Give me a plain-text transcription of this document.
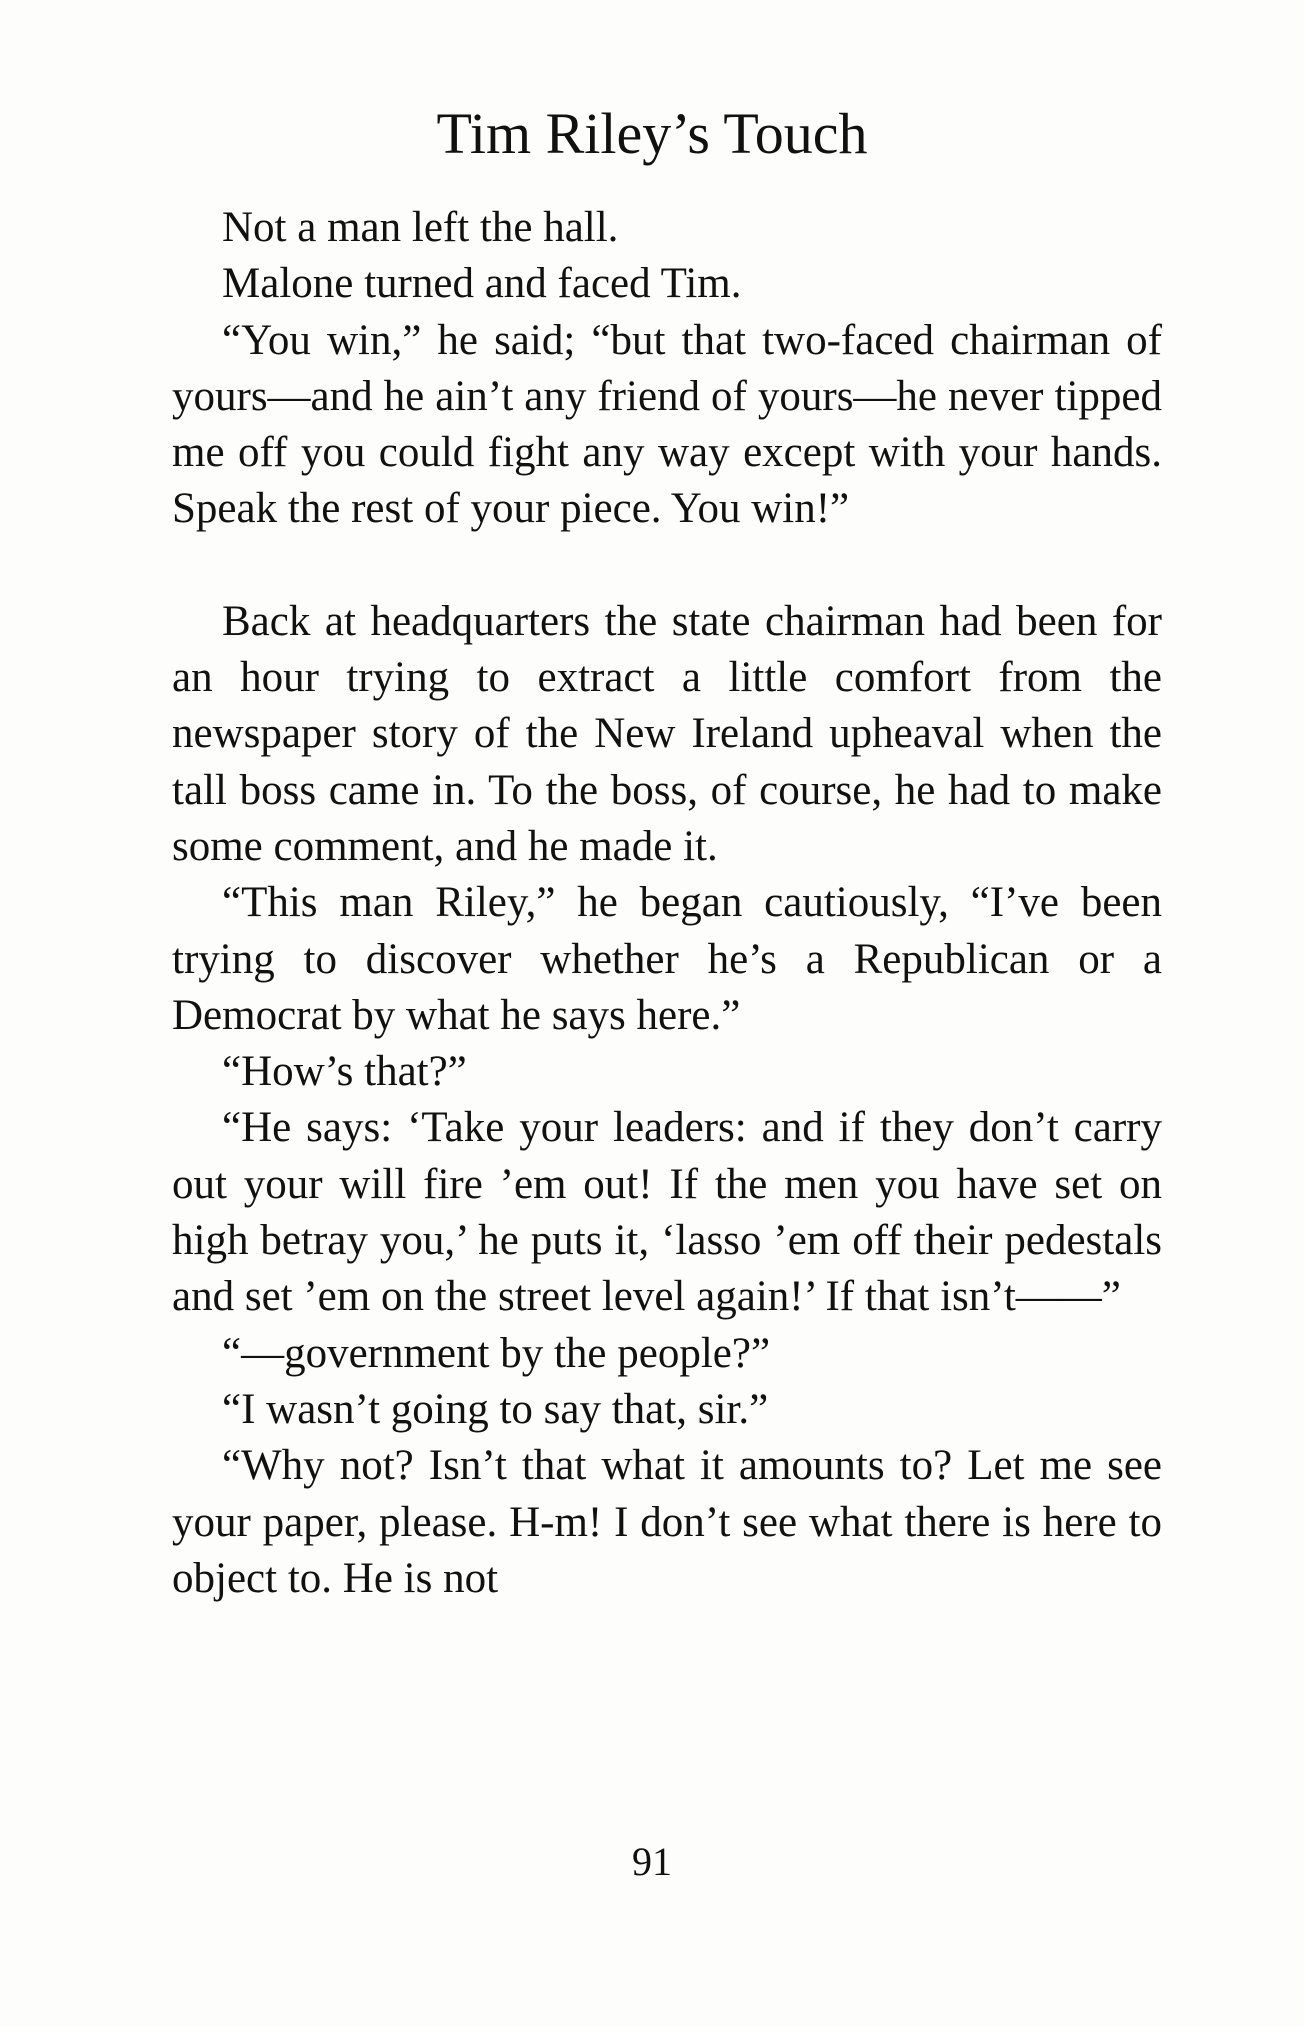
Tim Riley’s Touch

Not a man left the hall.

Malone turned and faced Tim.

“You win,” he said; “but that two-faced chairman of yours—and he ain’t any friend of yours—he never tipped me off you could fight any way except with your hands. Speak the rest of your piece. You win!”

Back at headquarters the state chairman had been for an hour trying to extract a little comfort from the newspaper story of the New Ireland upheaval when the tall boss came in. To the boss, of course, he had to make some comment, and he made it.

“This man Riley,” he began cautiously, “I’ve been trying to discover whether he’s a Republican or a Democrat by what he says here.”

“How’s that?”

“He says: ‘Take your leaders: and if they don’t carry out your will fire ’em out! If the men you have set on high betray you,’ he puts it, ‘lasso ’em off their pedestals and set ’em on the street level again!’ If that isn’t——”

“—government by the people?”

“I wasn’t going to say that, sir.”

“Why not? Isn’t that what it amounts to? Let me see your paper, please. H-m! I don’t see what there is here to object to. He is not

91
